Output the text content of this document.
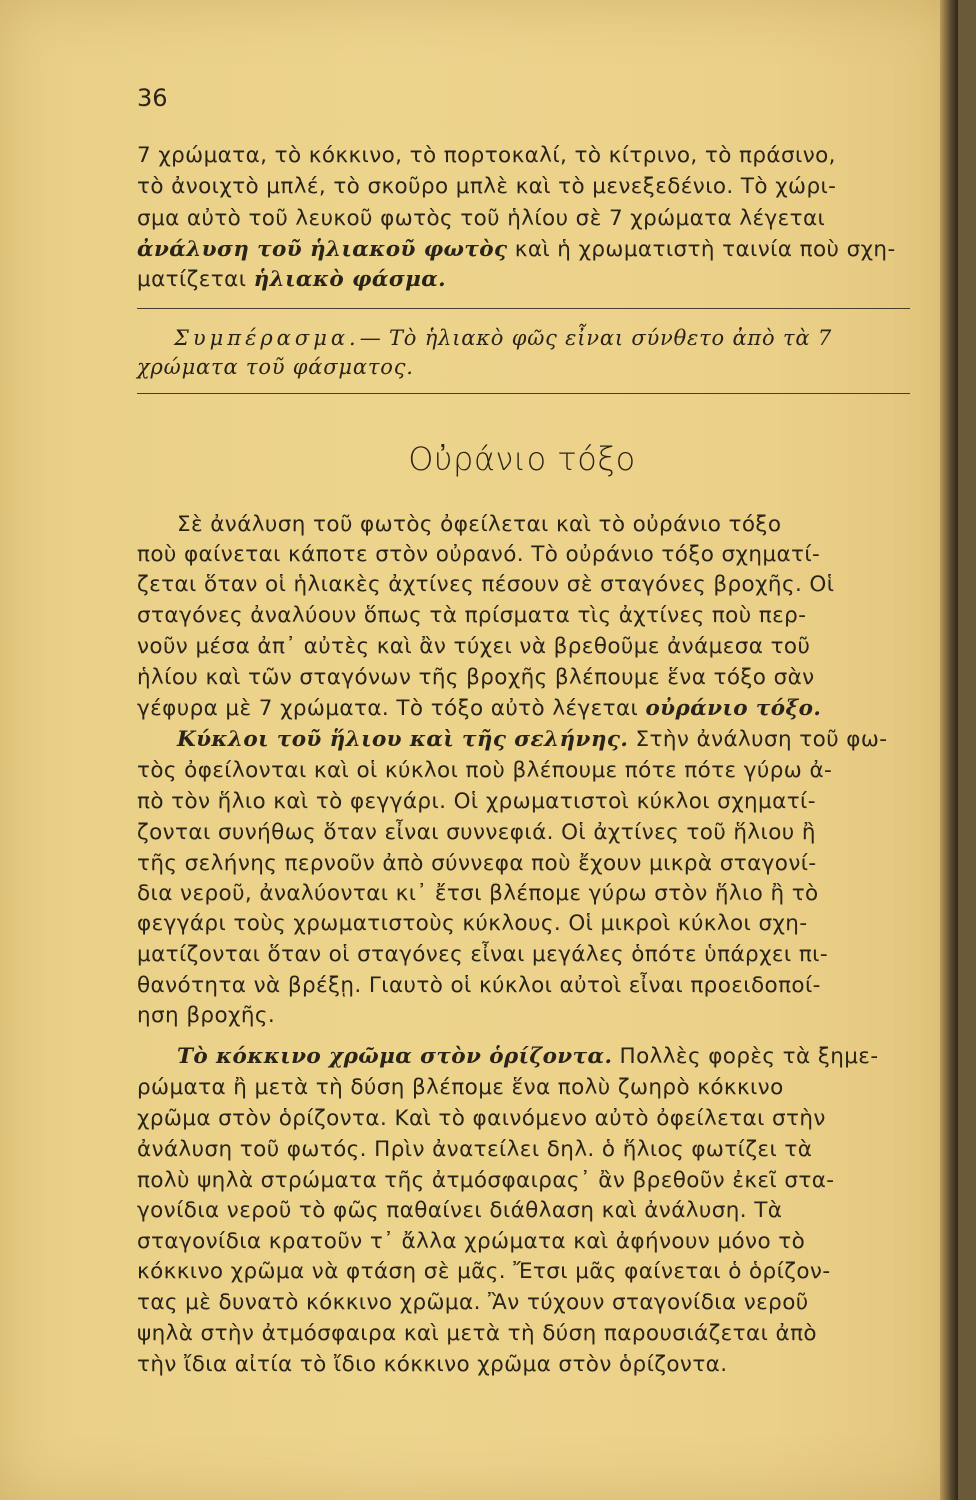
36
7 χρώματα, τὸ κόκκινο, τὸ πορτοκαλί, τὸ κίτρινο, τὸ πράσινο,
τὸ ἀνοιχτὸ μπλέ, τὸ σκοῦρο μπλὲ καὶ τὸ μενεξεδένιο. Τὸ χώρι-
σμα αὐτὸ τοῦ λευκοῦ φωτὸς τοῦ ἡλίου σὲ 7 χρώματα λέγεται
ἀνάλυση τοῦ ἡλιακοῦ φωτὸς καὶ ἡ χρωματιστὴ ταινία ποὺ σχη-
ματίζεται ἡλιακὸ φάσμα.
Συμπέρασμα.— Τὸ ἡλιακὸ φῶς εἶναι σύνθετο ἀπὸ τὰ 7
χρώματα τοῦ φάσματος.
Οὐράνιο τόξο
Σὲ ἀνάλυση τοῦ φωτὸς ὀφείλεται καὶ τὸ οὐράνιο τόξο
ποὺ φαίνεται κάποτε στὸν οὐρανό. Τὸ οὐράνιο τόξο σχηματί-
ζεται ὅταν οἱ ἡλιακὲς ἀχτίνες πέσουν σὲ σταγόνες βροχῆς. Οἱ
σταγόνες ἀναλύουν ὅπως τὰ πρίσματα τὶς ἀχτίνες ποὺ περ-
νοῦν μέσα ἀπ᾽ αὐτὲς καὶ ἂν τύχει νὰ βρεθοῦμε ἀνάμεσα τοῦ
ἡλίου καὶ τῶν σταγόνων τῆς βροχῆς βλέπουμε ἕνα τόξο σὰν
γέφυρα μὲ 7 χρώματα. Τὸ τόξο αὐτὸ λέγεται οὐράνιο τόξο.
Κύκλοι τοῦ ἥλιου καὶ τῆς σελήνης. Στὴν ἀνάλυση τοῦ φω-
τὸς ὀφείλονται καὶ οἱ κύκλοι ποὺ βλέπουμε πότε πότε γύρω ἀ-
πὸ τὸν ἥλιο καὶ τὸ φεγγάρι. Οἱ χρωματιστοὶ κύκλοι σχηματί-
ζονται συνήθως ὅταν εἶναι συννεφιά. Οἱ ἀχτίνες τοῦ ἥλιου ἢ
τῆς σελήνης περνοῦν ἀπὸ σύννεφα ποὺ ἔχουν μικρὰ σταγονί-
δια νεροῦ, ἀναλύονται κι᾽ ἔτσι βλέπομε γύρω στὸν ἥλιο ἢ τὸ
φεγγάρι τοὺς χρωματιστοὺς κύκλους. Οἱ μικροὶ κύκλοι σχη-
ματίζονται ὅταν οἱ σταγόνες εἶναι μεγάλες ὁπότε ὑπάρχει πι-
θανότητα νὰ βρέξῃ. Γιαυτὸ οἱ κύκλοι αὐτοὶ εἶναι προειδοποί-
ηση βροχῆς.
Τὸ κόκκινο χρῶμα στὸν ὁρίζοντα. Πολλὲς φορὲς τὰ ξημε-
ρώματα ἢ μετὰ τὴ δύση βλέπομε ἕνα πολὺ ζωηρὸ κόκκινο
χρῶμα στὸν ὁρίζοντα. Καὶ τὸ φαινόμενο αὐτὸ ὀφείλεται στὴν
ἀνάλυση τοῦ φωτός. Πρὶν ἀνατείλει δηλ. ὁ ἥλιος φωτίζει τὰ
πολὺ ψηλὰ στρώματα τῆς ἀτμόσφαιρας᾽ ἂν βρεθοῦν ἐκεῖ στα-
γονίδια νεροῦ τὸ φῶς παθαίνει διάθλαση καὶ ἀνάλυση. Τὰ
σταγονίδια κρατοῦν τ᾽ ἄλλα χρώματα καὶ ἀφήνουν μόνο τὸ
κόκκινο χρῶμα νὰ φτάση σὲ μᾶς. Ἔτσι μᾶς φαίνεται ὁ ὁρίζον-
τας μὲ δυνατὸ κόκκινο χρῶμα. Ἂν τύχουν σταγονίδια νεροῦ
ψηλὰ στὴν ἀτμόσφαιρα καὶ μετὰ τὴ δύση παρουσιάζεται ἀπὸ
τὴν ἴδια αἰτία τὸ ἴδιο κόκκινο χρῶμα στὸν ὁρίζοντα.
